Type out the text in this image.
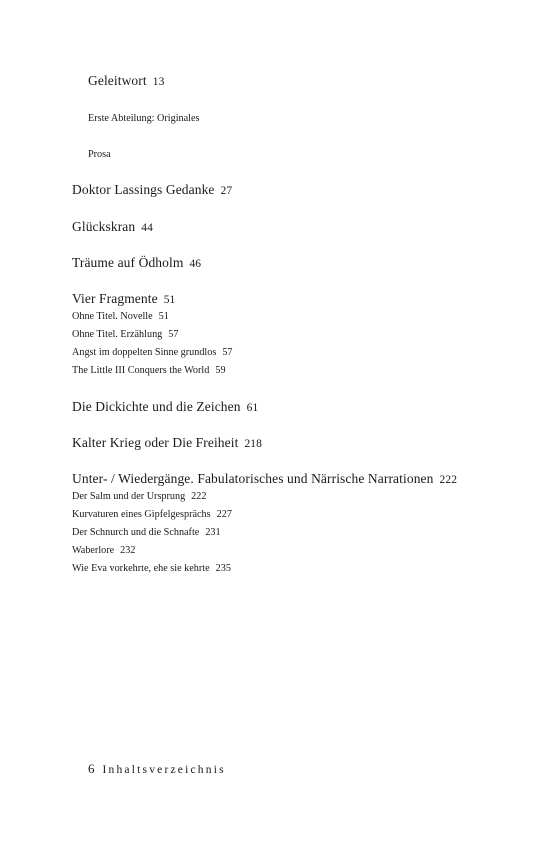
Geleitwort 13
Erste Abteilung: Originales
Prosa
Doktor Lassings Gedanke 27
Glückskran 44
Träume auf Ödholm 46
Vier Fragmente 51
Ohne Titel. Novelle 51
Ohne Titel. Erzählung 57
Angst im doppelten Sinne grundlos 57
The Little III Conquers the World 59
Die Dickichte und die Zeichen 61
Kalter Krieg oder Die Freiheit 218
Unter- / Wiedergänge. Fabulatorisches und Närrische Narrationen 222
Der Salm und der Ursprung 222
Kurvaturen eines Gipfelgesprächs 227
Der Schnurch und die Schnafte 231
Waberlore 232
Wie Eva vorkehrte, ehe sie kehrte 235
6 Inhaltsverzeichnis
